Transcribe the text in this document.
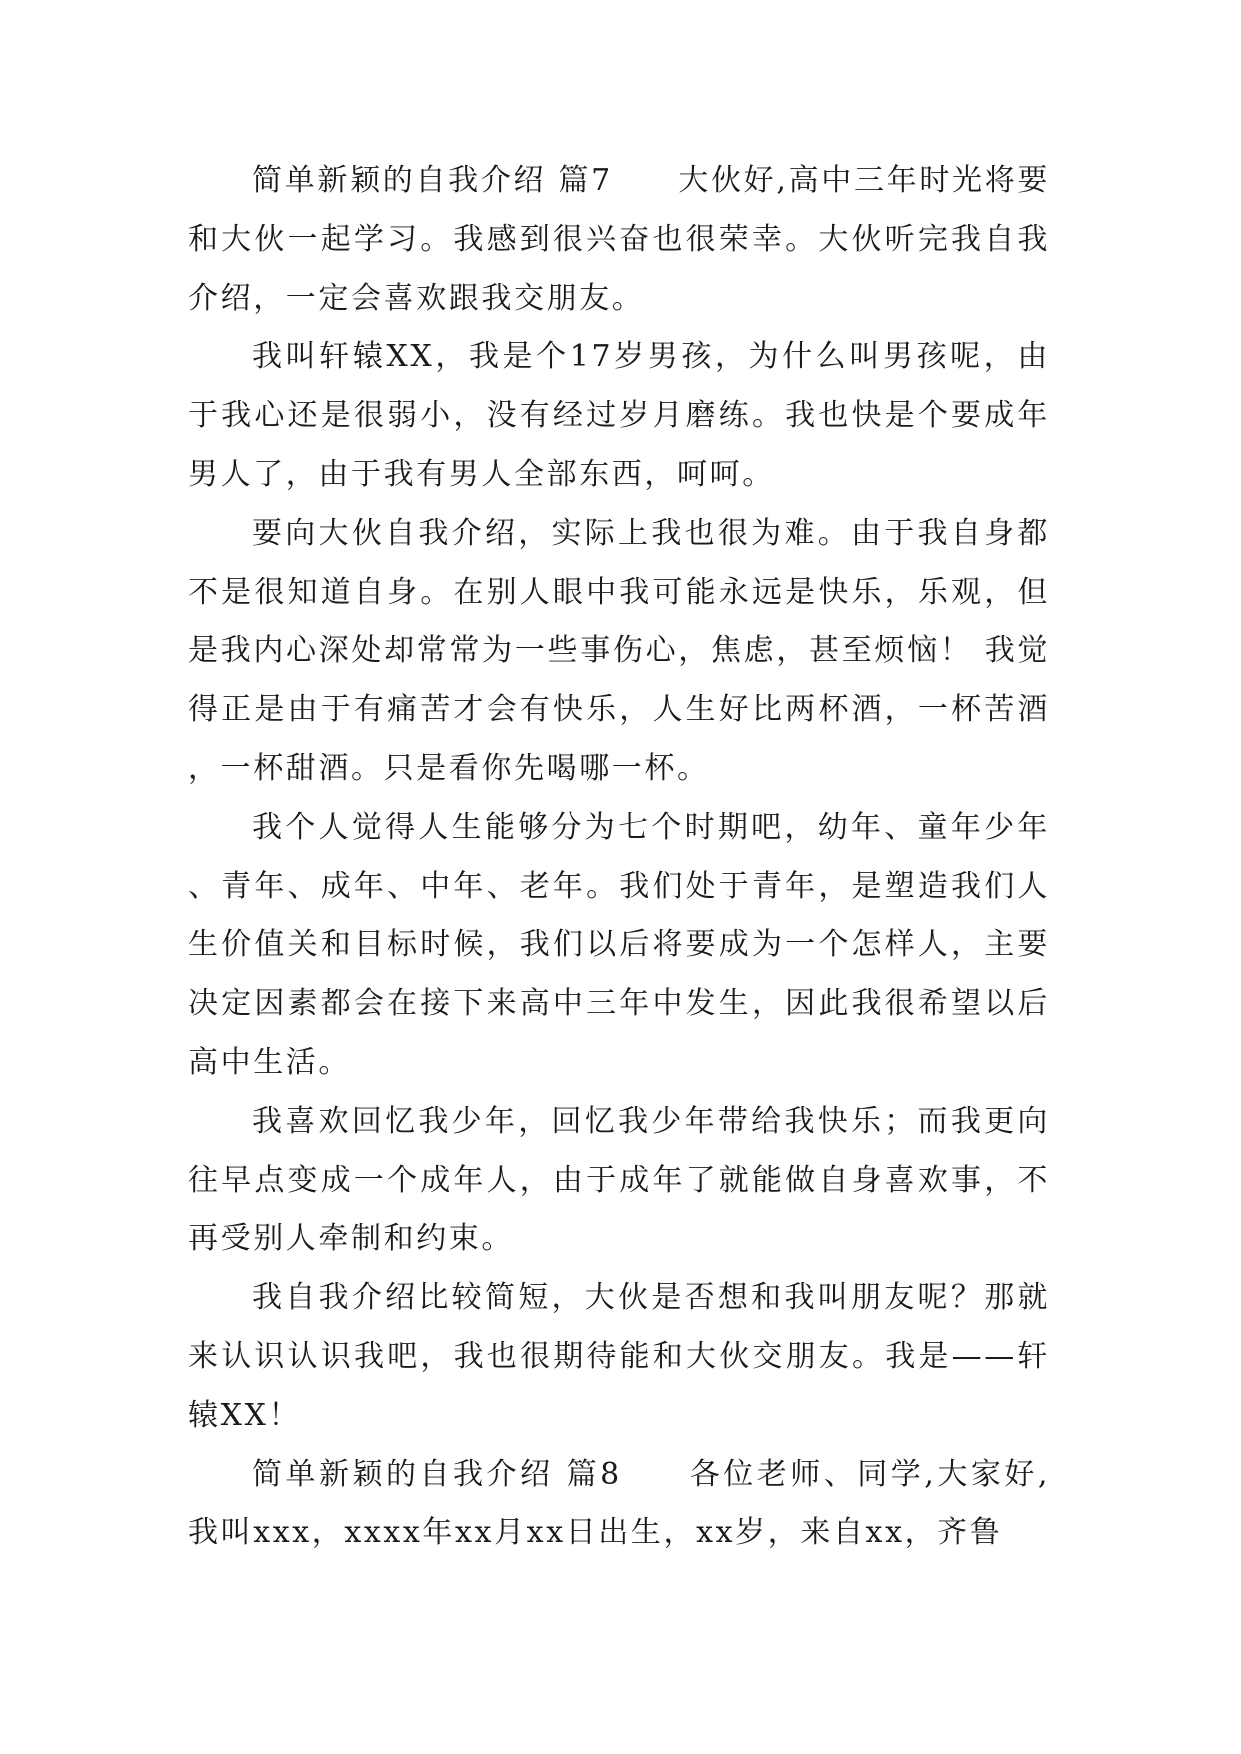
简单新颖的自我介绍 篇7　　大伙好,高中三年时光将要和大伙一起学习。我感到很兴奋也很荣幸。大伙听完我自我介绍，一定会喜欢跟我交朋友。

我叫轩辕XX，我是个17岁男孩，为什么叫男孩呢，由于我心还是很弱小，没有经过岁月磨练。我也快是个要成年男人了，由于我有男人全部东西，呵呵。

要向大伙自我介绍，实际上我也很为难。由于我自身都不是很知道自身。在别人眼中我可能永远是快乐，乐观，但是我内心深处却常常为一些事伤心，焦虑，甚至烦恼！ 我觉得正是由于有痛苦才会有快乐，人生好比两杯酒，一杯苦酒，一杯甜酒。只是看你先喝哪一杯。

我个人觉得人生能够分为七个时期吧，幼年、童年少年、青年、成年、中年、老年。我们处于青年，是塑造我们人生价值关和目标时候，我们以后将要成为一个怎样人，主要决定因素都会在接下来高中三年中发生，因此我很希望以后高中生活。

我喜欢回忆我少年，回忆我少年带给我快乐；而我更向往早点变成一个成年人，由于成年了就能做自身喜欢事，不再受别人牵制和约束。

我自我介绍比较简短，大伙是否想和我叫朋友呢？那就来认识认识我吧，我也很期待能和大伙交朋友。我是——轩辕XX！

简单新颖的自我介绍 篇8　　各位老师、同学,大家好,我叫xxx，xxxx年xx月xx日出生，xx岁，来自xx，齐鲁
